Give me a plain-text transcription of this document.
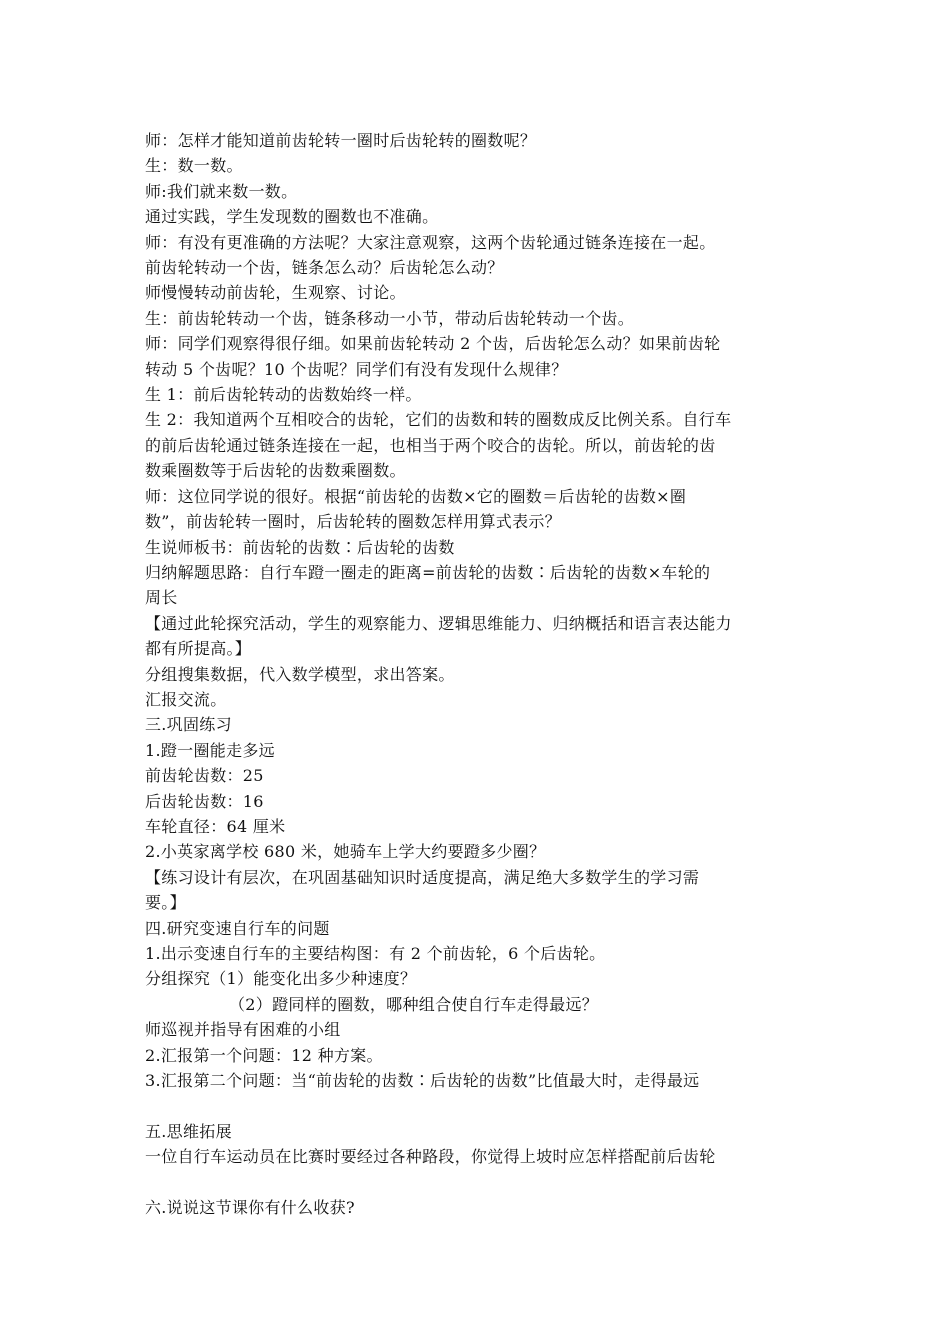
师：怎样才能知道前齿轮转一圈时后齿轮转的圈数呢？
生：数一数。
师:我们就来数一数。
通过实践，学生发现数的圈数也不准确。
师：有没有更准确的方法呢？大家注意观察，这两个齿轮通过链条连接在一起。
前齿轮转动一个齿，链条怎么动？后齿轮怎么动？
师慢慢转动前齿轮，生观察、讨论。
生：前齿轮转动一个齿，链条移动一小节，带动后齿轮转动一个齿。
师：同学们观察得很仔细。如果前齿轮转动 2 个齿，后齿轮怎么动？如果前齿轮
转动 5 个齿呢？10 个齿呢？同学们有没有发现什么规律？
生 1：前后齿轮转动的齿数始终一样。
生 2：我知道两个互相咬合的齿轮，它们的齿数和转的圈数成反比例关系。自行车
的前后齿轮通过链条连接在一起，也相当于两个咬合的齿轮。所以，前齿轮的齿
数乘圈数等于后齿轮的齿数乘圈数。
师：这位同学说的很好。根据“前齿轮的齿数×它的圈数＝后齿轮的齿数×圈
数”，前齿轮转一圈时，后齿轮转的圈数怎样用算式表示？
生说师板书：前齿轮的齿数∶后齿轮的齿数
归纳解题思路：自行车蹬一圈走的距离=前齿轮的齿数∶后齿轮的齿数×车轮的
周长
【通过此轮探究活动，学生的观察能力、逻辑思维能力、归纳概括和语言表达能力
都有所提高。】
分组搜集数据，代入数学模型，求出答案。
汇报交流。
三.巩固练习
1.蹬一圈能走多远
前齿轮齿数：25
后齿轮齿数：16
车轮直径：64 厘米
2.小英家离学校 680 米，她骑车上学大约要蹬多少圈？
【练习设计有层次，在巩固基础知识时适度提高，满足绝大多数学生的学习需
要。】
四.研究变速自行车的问题
1.出示变速自行车的主要结构图：有 2 个前齿轮，6 个后齿轮。
分组探究（1）能变化出多少种速度？
（2）蹬同样的圈数，哪种组合使自行车走得最远？
师巡视并指导有困难的小组
2.汇报第一个问题：12 种方案。
3.汇报第二个问题：当“前齿轮的齿数∶后齿轮的齿数”比值最大时，走得最远
五.思维拓展
一位自行车运动员在比赛时要经过各种路段，你觉得上坡时应怎样搭配前后齿轮
六.说说这节课你有什么收获?
